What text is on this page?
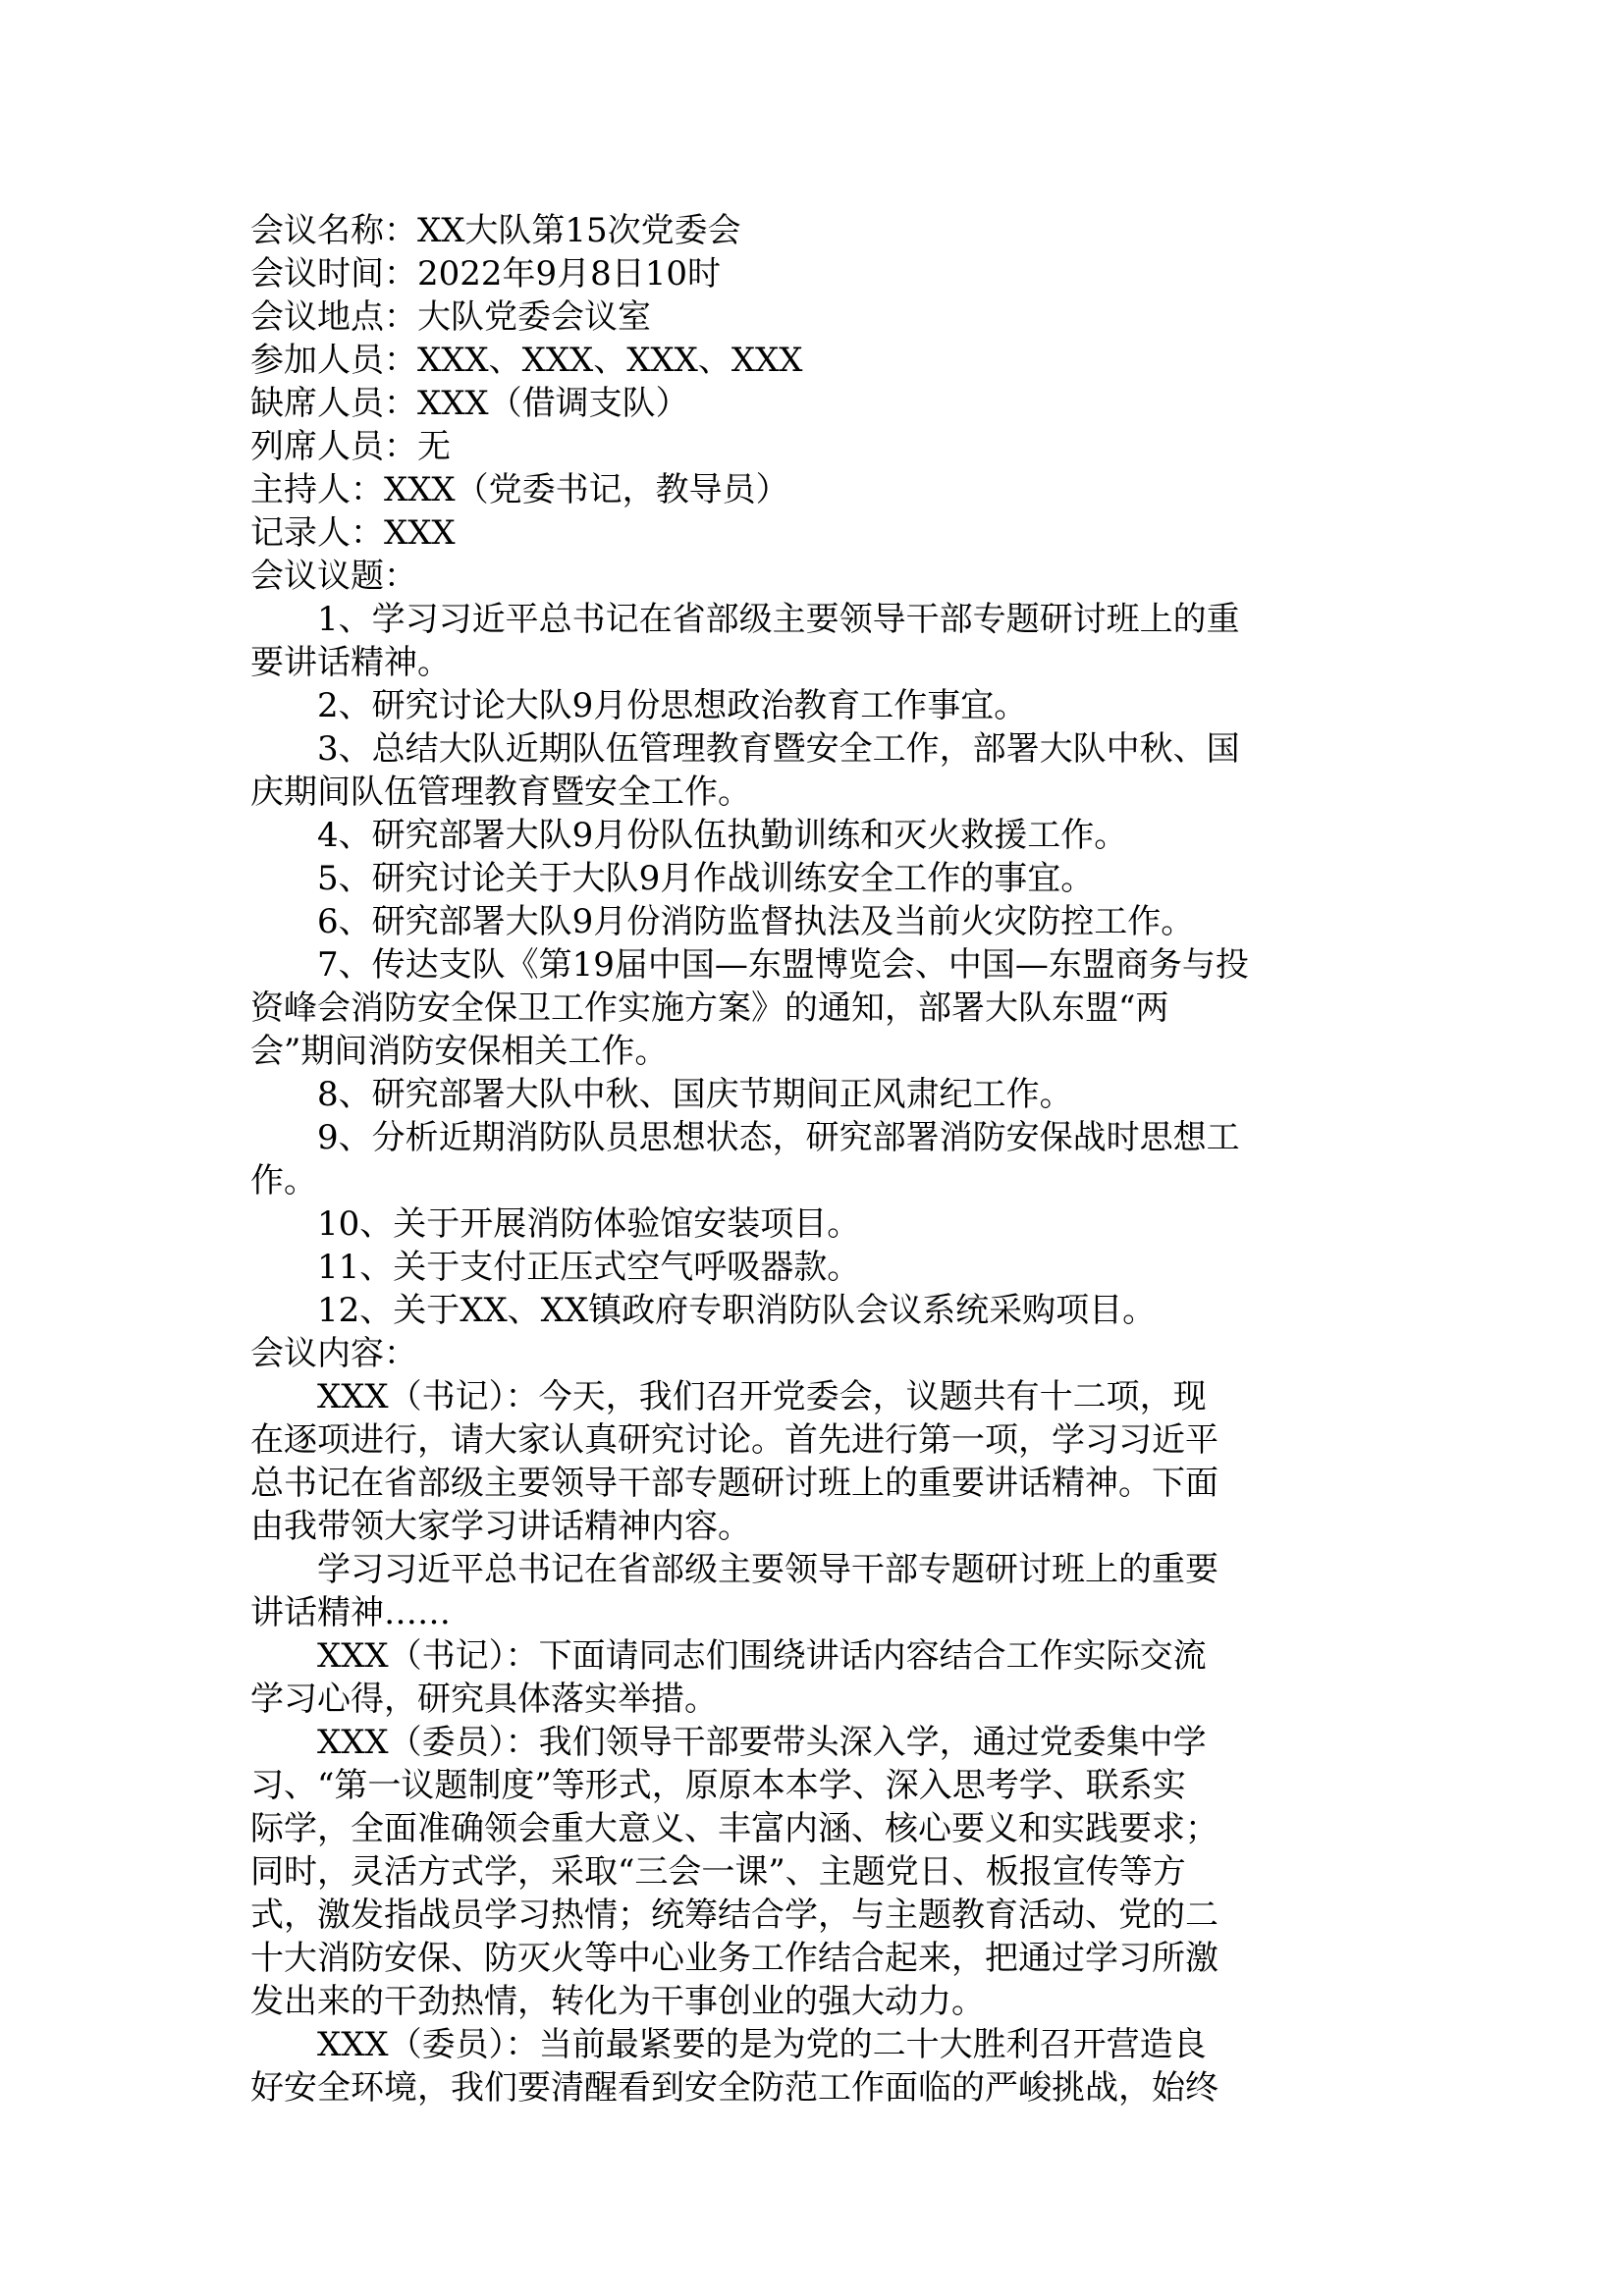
会议名称：XX大队第15次党委会
会议时间：2022年9月8日10时
会议地点：大队党委会议室
参加人员：XXX、XXX、XXX、XXX
缺席人员：XXX（借调支队）
列席人员：无
主持人：XXX（党委书记，教导员）
记录人：XXX
会议议题：
1、学习习近平总书记在省部级主要领导干部专题研讨班上的重
要讲话精神。
2、研究讨论大队9月份思想政治教育工作事宜。
3、总结大队近期队伍管理教育暨安全工作，部署大队中秋、国
庆期间队伍管理教育暨安全工作。
4、研究部署大队9月份队伍执勤训练和灭火救援工作。
5、研究讨论关于大队9月作战训练安全工作的事宜。
6、研究部署大队9月份消防监督执法及当前火灾防控工作。
7、传达支队《第19届中国—东盟博览会、中国—东盟商务与投
资峰会消防安全保卫工作实施方案》的通知，部署大队东盟“两
会”期间消防安保相关工作。
8、研究部署大队中秋、国庆节期间正风肃纪工作。
9、分析近期消防队员思想状态，研究部署消防安保战时思想工
作。
10、关于开展消防体验馆安装项目。
11、关于支付正压式空气呼吸器款。
12、关于XX、XX镇政府专职消防队会议系统采购项目。
会议内容：
XXX（书记）：今天，我们召开党委会，议题共有十二项，现
在逐项进行，请大家认真研究讨论。首先进行第一项，学习习近平
总书记在省部级主要领导干部专题研讨班上的重要讲话精神。下面
由我带领大家学习讲话精神内容。
学习习近平总书记在省部级主要领导干部专题研讨班上的重要
讲话精神……
XXX（书记）：下面请同志们围绕讲话内容结合工作实际交流
学习心得，研究具体落实举措。
XXX（委员）：我们领导干部要带头深入学，通过党委集中学
习、“第一议题制度”等形式，原原本本学、深入思考学、联系实
际学，全面准确领会重大意义、丰富内涵、核心要义和实践要求；
同时，灵活方式学，采取“三会一课”、主题党日、板报宣传等方
式，激发指战员学习热情；统筹结合学，与主题教育活动、党的二
十大消防安保、防灭火等中心业务工作结合起来，把通过学习所激
发出来的干劲热情，转化为干事创业的强大动力。
XXX（委员）：当前最紧要的是为党的二十大胜利召开营造良
好安全环境，我们要清醒看到安全防范工作面临的严峻挑战，始终
